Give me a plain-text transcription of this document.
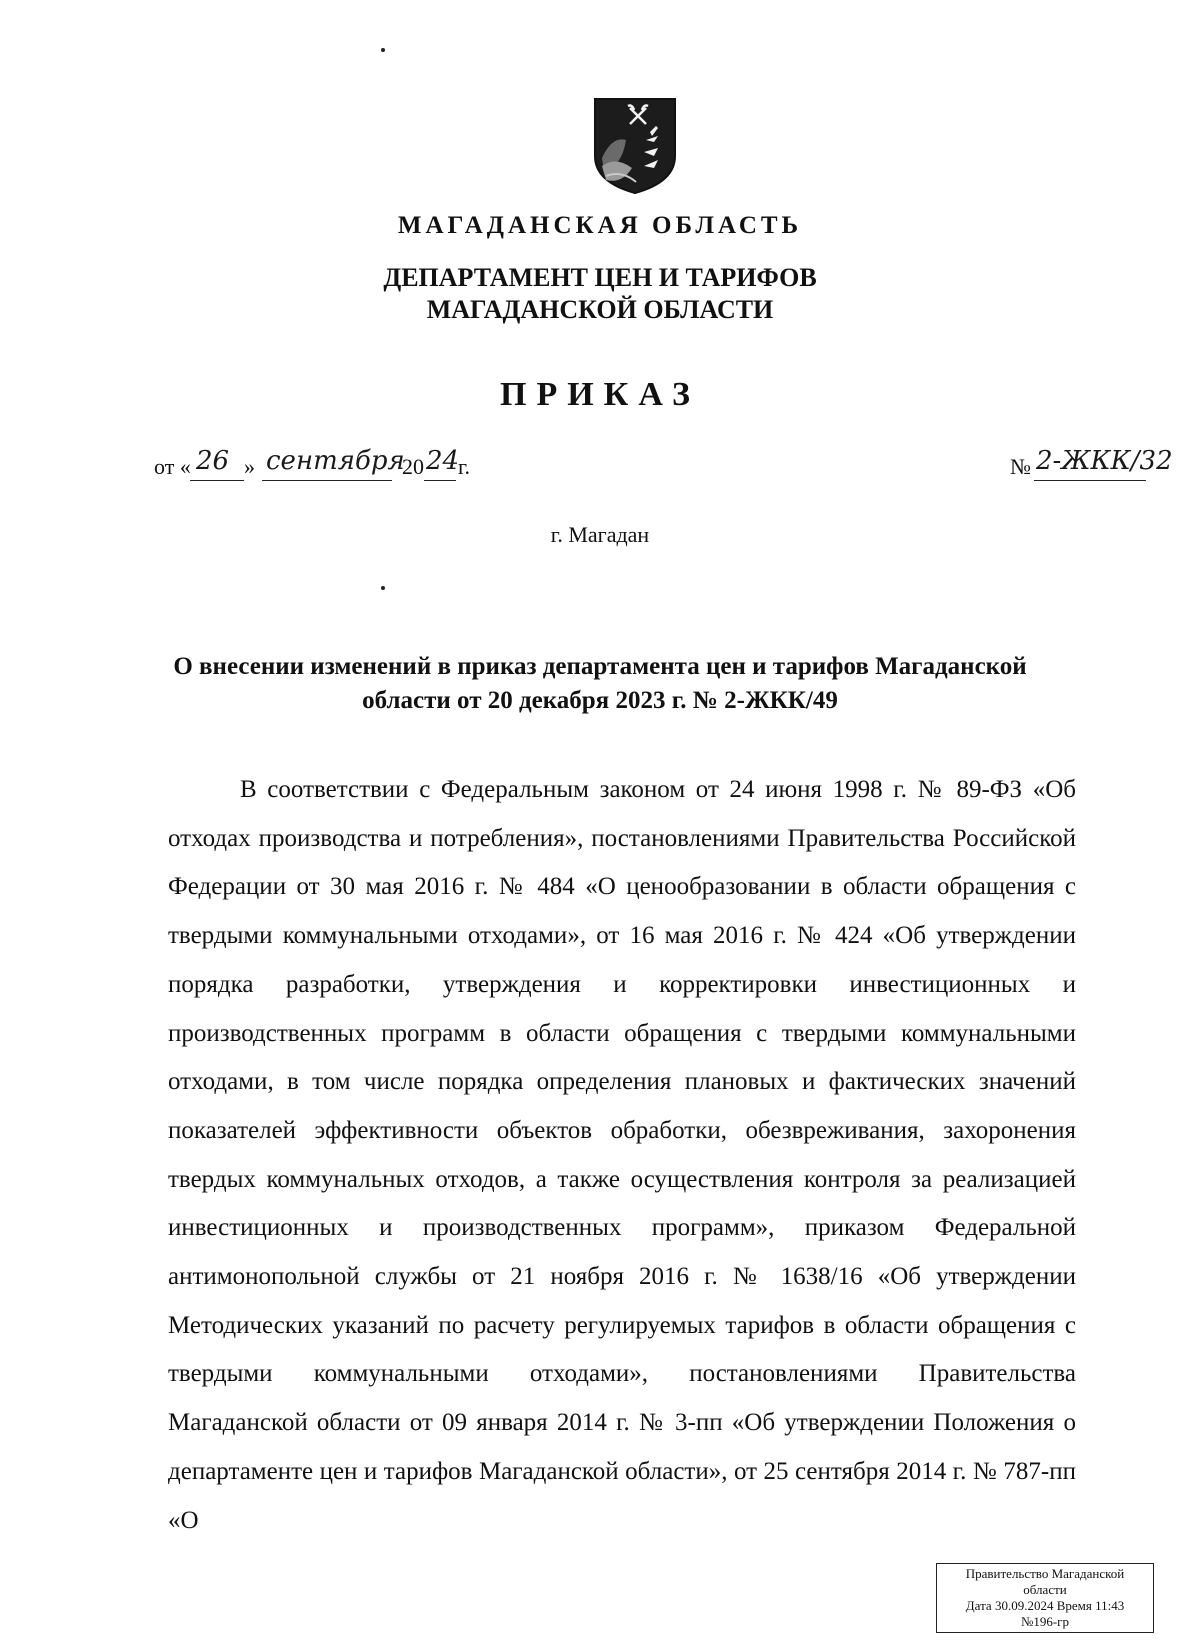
МАГАДАНСКАЯ ОБЛАСТЬ
ДЕПАРТАМЕНТ ЦЕН И ТАРИФОВ
МАГАДАНСКОЙ ОБЛАСТИ
ПРИКАЗ
от « 26 » сентября
20 24
г.	№ 2-ЖКК/32
г. Магадан
О внесении изменений в приказ департамента цен и тарифов Магаданской области от 20 декабря 2023 г. № 2-ЖКК/49
В соответствии с Федеральным законом от 24 июня 1998 г. № 89-ФЗ «Об отходах производства и потребления», постановлениями Правительства Российской Федерации от 30 мая 2016 г. № 484 «О ценообразовании в области обращения с твердыми коммунальными отходами», от 16 мая 2016 г. № 424 «Об утверждении порядка разработки, утверждения и корректировки инвестиционных и производственных программ в области обращения с твердыми коммунальными отходами, в том числе порядка определения плановых и фактических значений показателей эффективности объектов обработки, обезвреживания, захоронения твердых коммунальных отходов, а также осуществления контроля за реализацией инвестиционных и производственных программ», приказом Федеральной антимонопольной службы от 21 ноября 2016 г. № 1638/16 «Об утверждении Методических указаний по расчету регулируемых тарифов в области обращения с твердыми коммунальными отходами», постановлениями Правительства Магаданской области от 09 января 2014 г. № 3-пп «Об утверждении Положения о департаменте цен и тарифов Магаданской области», от 25 сентября 2014 г. № 787-пп «О
Правительство Магаданской
области
Дата 30.09.2024 Время 11:43
№196-гр
